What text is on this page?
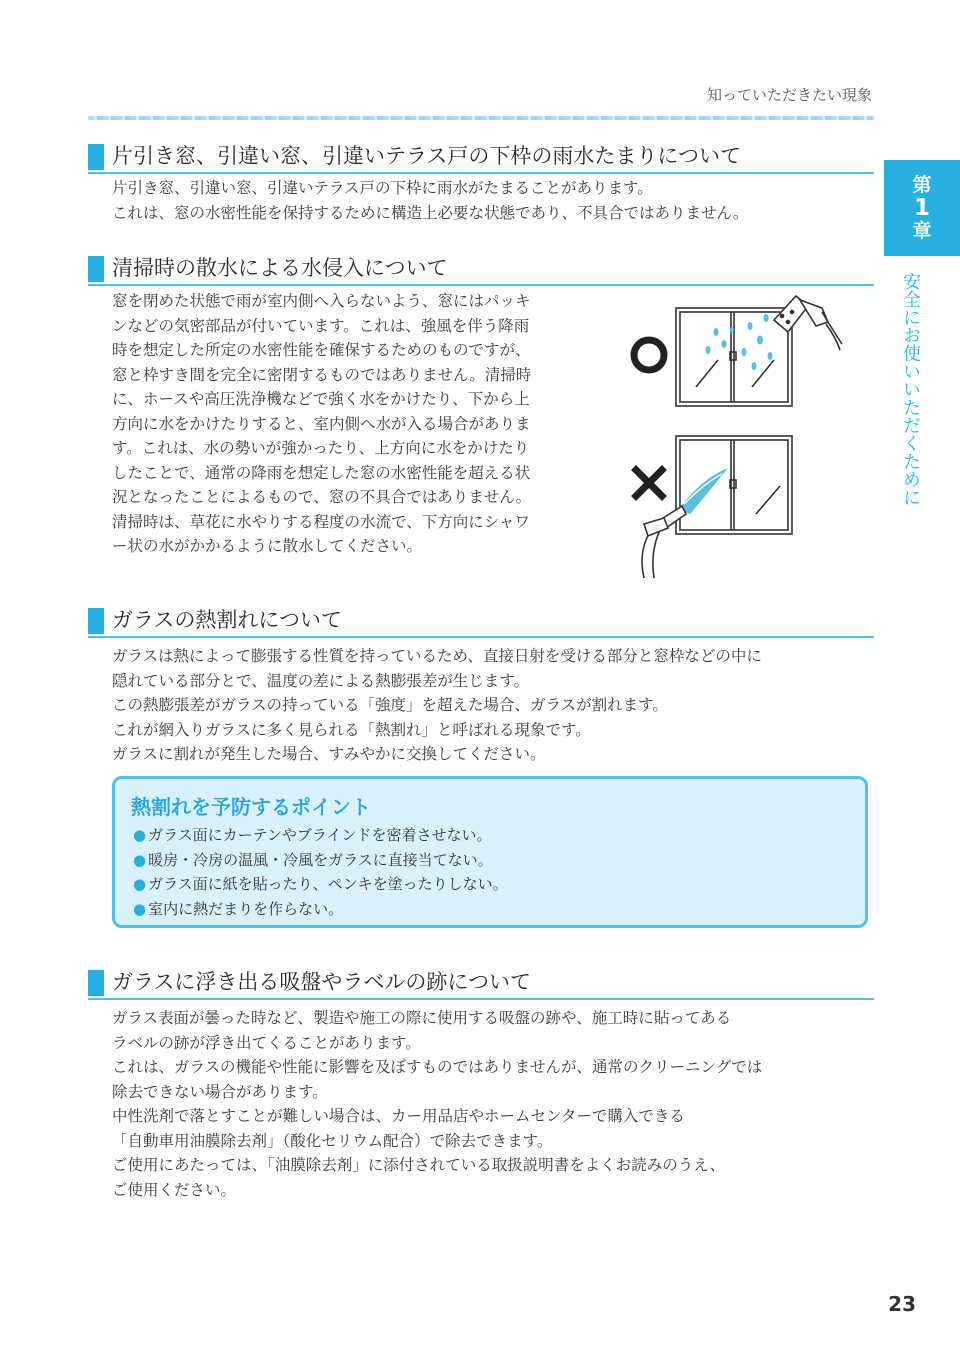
知っていただきたい現象
第
1
章
安全にお使いいただくために
片引き窓、引違い窓、引違いテラス戸の下枠の雨水たまりについて

片引き窓、引違い窓、引違いテラス戸の下枠に雨水がたまることがあります。

これは、窓の水密性能を保持するために構造上必要な状態であり、不具合ではありません。

清掃時の散水による水侵入について

窓を閉めた状態で雨が室内側へ入らないよう、窓にはパッキ

ンなどの気密部品が付いています。これは、強風を伴う降雨

時を想定した所定の水密性能を確保するためのものですが、

窓と枠すき間を完全に密閉するものではありません。清掃時

に、ホースや高圧洗浄機などで強く水をかけたり、下から上

方向に水をかけたりすると、室内側へ水が入る場合がありま

す。これは、水の勢いが強かったり、上方向に水をかけたり

したことで、通常の降雨を想定した窓の水密性能を超える状

況となったことによるもので、窓の不具合ではありません。

清掃時は、草花に水やりする程度の水流で、下方向にシャワ

ー状の水がかかるように散水してください。

ガラスの熱割れについて

ガラスは熱によって膨張する性質を持っているため、直接日射を受ける部分と窓枠などの中に

隠れている部分とで、温度の差による熱膨張差が生じます。

この熱膨張差がガラスの持っている「強度」を超えた場合、ガラスが割れます。

これが網入りガラスに多く見られる「熱割れ」と呼ばれる現象です。

ガラスに割れが発生した場合、すみやかに交換してください。

熱割れを予防するポイント
● ガラス面にカーテンやブラインドを密着させない。
● 暖房・冷房の温風・冷風をガラスに直接当てない。
● ガラス面に紙を貼ったり、ペンキを塗ったりしない。
● 室内に熱だまりを作らない。
ガラスに浮き出る吸盤やラベルの跡について

ガラス表面が曇った時など、製造や施工の際に使用する吸盤の跡や、施工時に貼ってある

ラベルの跡が浮き出てくることがあります。

これは、ガラスの機能や性能に影響を及ぼすものではありませんが、通常のクリーニングでは

除去できない場合があります。

中性洗剤で落とすことが難しい場合は、カー用品店やホームセンターで購入できる

「自動車用油膜除去剤」（酸化セリウム配合）で除去できます。

ご使用にあたっては、「油膜除去剤」に添付されている取扱説明書をよくお読みのうえ、

ご使用ください。

23
